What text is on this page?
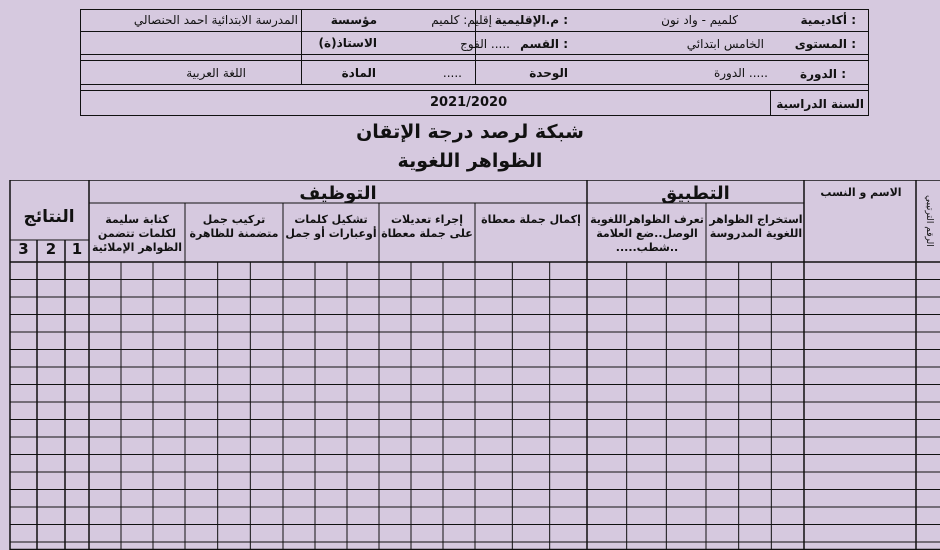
أكاديمية :
كلميم - واد نون
م.الإقليمية :
إقليم: كلميم
مؤسسة
المدرسة الابتدائية احمد الحنصالي
المستوى :
الخامس ابتدائي
القسم :
الفوج .....
الاستاذ(ة)
الدورة :
الدورة .....
الوحدة
.....
المادة
اللغة العربية
السنة الدراسية
2021/2020
شبكة لرصد درجة الإتقان
الظواهر اللغوية
الرقم الترتيبي
الاسم و النسب
التطبيق
التوظيف
النتائج	استخراج الظواهر اللغوية المدروسة
تعرف الظواهراللغوية الوصل..ضع العلامة ..شطب.....
إكمال جملة معطاة
إجراء تعديلات على جملة معطاة
تشكيل كلمات أوعبارات أو جمل
تركيب جمل متضمنة للظاهرة
كتابة سليمة لكلمات تتضمن الظواهر الإملائية
1
2
3
